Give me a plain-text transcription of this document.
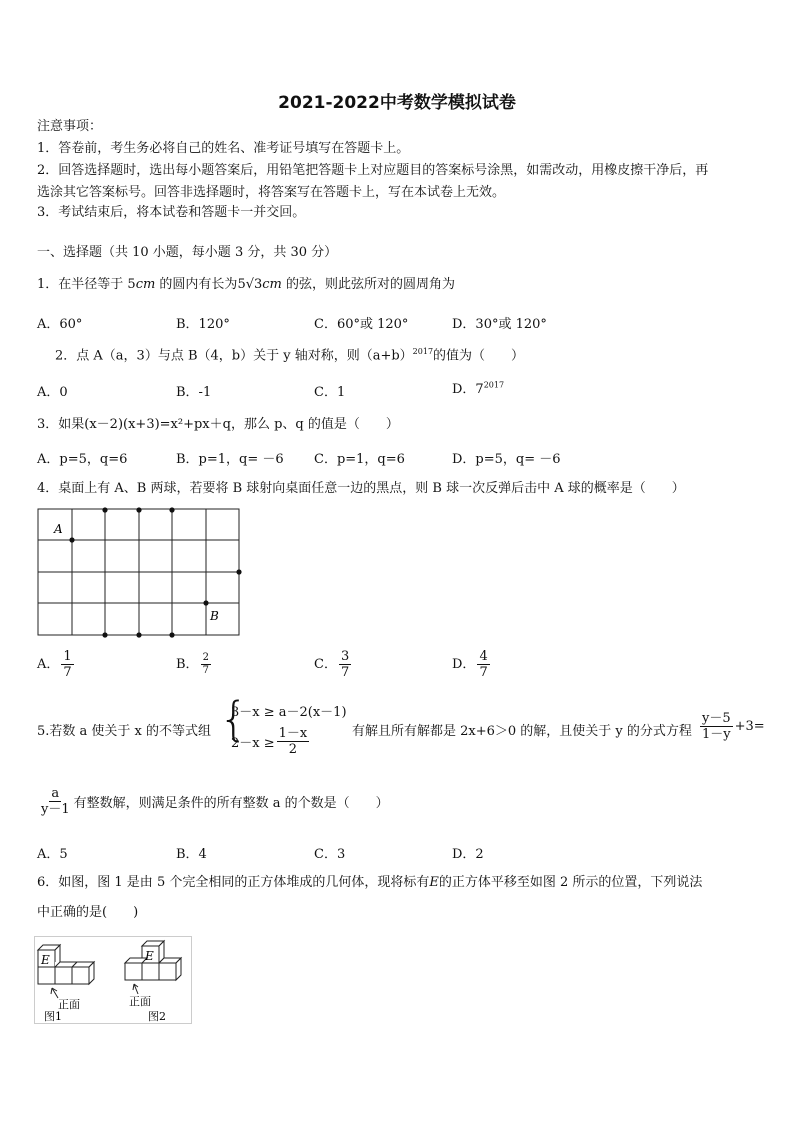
2021-2022中考数学模拟试卷
注意事项：
1．答卷前，考生务必将自己的姓名、准考证号填写在答题卡上。
2．回答选择题时，选出每小题答案后，用铅笔把答题卡上对应题目的答案标号涂黑，如需改动，用橡皮擦干净后，再
选涂其它答案标号。回答非选择题时，将答案写在答题卡上，写在本试卷上无效。
3．考试结束后，将本试卷和答题卡一并交回。
一、选择题（共 10 小题，每小题 3 分，共 30 分）
1．在半径等于 5cm 的圆内有长为5√3cm 的弦，则此弦所对的圆周角为
A．60°	B．120°	C．60°或 120°	D．30°或 120°
2．点 A（a，3）与点 B（4，b）关于 y 轴对称，则$(a+b)^{2017}$的值为（　　）
A．0	B．-1	C．1	D．$7^{2017}$
3．如果(x－2)(x+3)=x²+px＋q，那么 p、q 的值是（　　）
A．p=5，q=6	B．p=1，q= －6 C．p=1，q=6	D．p=5，q= －6
4．桌面上有 A、B 两球，若要将 B 球射向桌面任意一边的黑点，则 B 球一次反弹后击中 A 球的概率是（　　）
A
B
A． $\frac{1}{7}$	B． $\frac{2}{7}$	C． $\frac{3}{7}$	D． $\frac{4}{7}$
5.若数 a 使关于 x 的不等式组 {
3－x ≥ a－2(x－1)
$2-x \ge \frac{1-x}{2}$	有解且所有解都是 2x+6＞0 的解，且使关于 y 的分式方程 $\frac{y-5}{1-y} +3=$
$\frac{a}{y-1}$ 有整数解，则满足条件的所有整数 a 的个数是（　　）
A．5	B．4	C．3	D．2
6．如图，图 1 是由 5 个完全相同的正方体堆成的几何体，现将标有E的正方体平移至如图 2 所示的位置，下列说法
中正确的是(　　)
E
正面
图1
E
正面
图2
